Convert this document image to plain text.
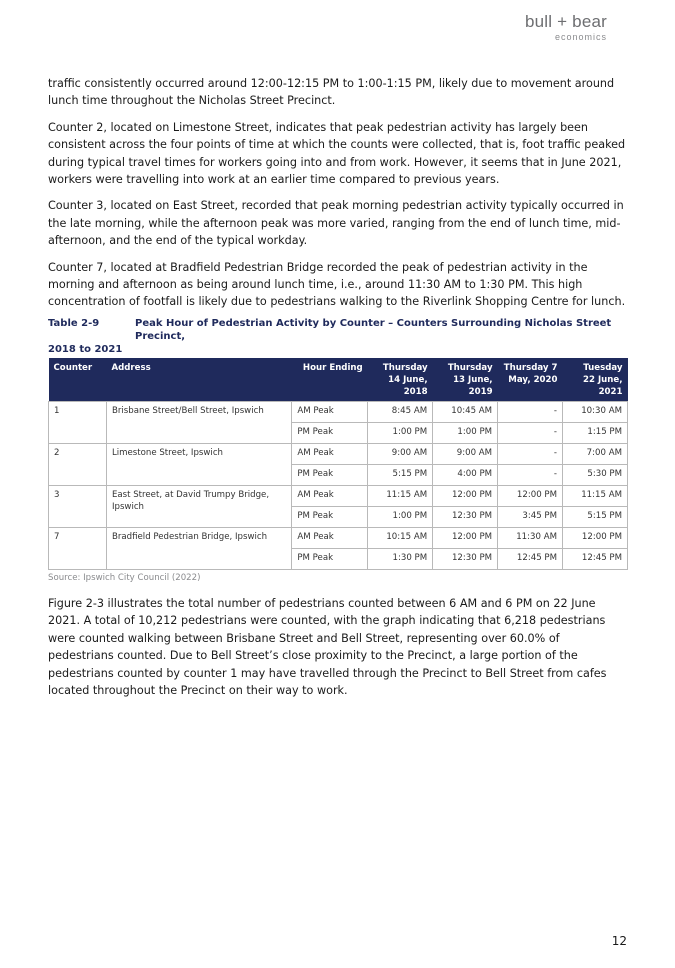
bull + bear
economics

traffic consistently occurred around 12:00-12:15 PM to 1:00-1:15 PM, likely due to movement around lunch time throughout the Nicholas Street Precinct.

Counter 2, located on Limestone Street, indicates that peak pedestrian activity has largely been consistent across the four points of time at which the counts were collected, that is, foot traffic peaked during typical travel times for workers going into and from work. However, it seems that in June 2021, workers were travelling into work at an earlier time compared to previous years.

Counter 3, located on East Street, recorded that peak morning pedestrian activity typically occurred in the late morning, while the afternoon peak was more varied, ranging from the end of lunch time, mid-afternoon, and the end of the typical workday.

Counter 7, located at Bradfield Pedestrian Bridge recorded the peak of pedestrian activity in the morning and afternoon as being around lunch time, i.e., around 11:30 AM to 1:30 PM. This high concentration of footfall is likely due to pedestrians walking to the Riverlink Shopping Centre for lunch.

Table 2-9	Peak Hour of Pedestrian Activity by Counter – Counters Surrounding Nicholas Street Precinct,
2018 to 2021
Counter	Address	Hour Ending	Thursday
14 June,
2018	Thursday
13 June,
2019	Thursday 7
May, 2020	Tuesday
22 June,
2021
1	Brisbane Street/Bell Street, Ipswich	AM Peak	8:45 AM	10:45 AM	-	10:30 AM
		PM Peak	1:00 PM	1:00 PM	-	1:15 PM
2	Limestone Street, Ipswich	AM Peak	9:00 AM	9:00 AM	-	7:00 AM
		PM Peak	5:15 PM	4:00 PM	-	5:30 PM
3	East Street, at David Trumpy Bridge, Ipswich	AM Peak	11:15 AM	12:00 PM	12:00 PM	11:15 AM
		PM Peak	1:00 PM	12:30 PM	3:45 PM	5:15 PM
7	Bradfield Pedestrian Bridge, Ipswich	AM Peak	10:15 AM	12:00 PM	11:30 AM	12:00 PM
		PM Peak	1:30 PM	12:30 PM	12:45 PM	12:45 PM
Source: Ipswich City Council (2022)

Figure 2-3 illustrates the total number of pedestrians counted between 6 AM and 6 PM on 22 June 2021. A total of 10,212 pedestrians were counted, with the graph indicating that 6,218 pedestrians were counted walking between Brisbane Street and Bell Street, representing over 60.0% of pedestrians counted. Due to Bell Street’s close proximity to the Precinct, a large portion of the pedestrians counted by counter 1 may have travelled through the Precinct to Bell Street from cafes located throughout the Precinct on their way to work.

12
